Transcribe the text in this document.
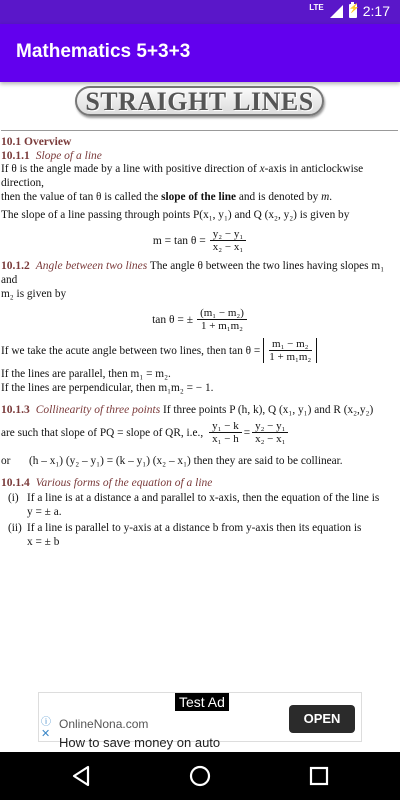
LTE
⚡	2:17
Mathematics 5+3+3
STRAIGHT LINES
10.1 Overview
10.1.1 Slope of a line

If θ is the angle made by a line with positive direction of x-axis in anticlockwise direction,
then the value of tan θ is called the slope of the line and is denoted by m.

The slope of a line passing through points P(x₁, y₁) and Q (x₂, y₂) is given by

$m = \tan \theta = \frac{\text{y₂ − y₁}}{\text{x₂ − x₁}}$

10.1.2 Angle between two lines The angle θ between the two lines having slopes m₁ and
m₂ is given by

tan θ = ± $\frac{\text{(m₁ − m₂)}}{\text{1 + m₁m₂}}$
If we take the acute angle between two lines, then $\tan \theta = \frac{\text{m₁ − m₂}}{\text{1 + m₁m₂}}$

If the lines are parallel, then m₁ = m₂.

If the lines are perpendicular, then m₁m₂ = − 1.

10.1.3 Collinearity of three points If three points P (h, k), Q (x₁, y₁) and R (x₂,y₂)

are such that slope of PQ = slope of QR, i.e., $\frac{\text{y₁ − k}}{\text{x₁ − h}} = \frac{\text{y₂ − y₁}}{\text{x₂ − x₁}}$
or	(h – x₁) (y₂ – y₁) = (k – y₁) (x₂ – x₁) then they are said to be collinear.
10.1.4 Various forms of the equation of a line
(i) If a line is at a distance a and parallel to x-axis, then the equation of the line is
y = ± a.
(ii) If a line is parallel to y-axis at a distance b from y-axis then its equation is
x = ± b
Test Ad
ⓘ
✕
OnlineNona.com
How to save money on auto
OPEN
